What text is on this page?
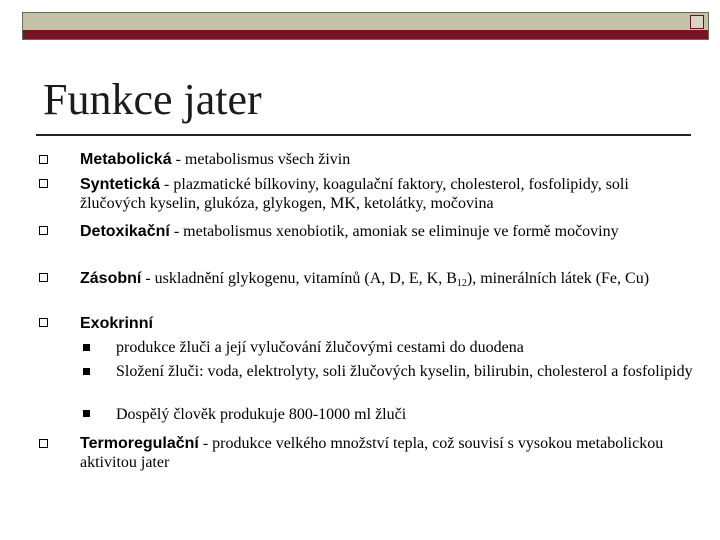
Funkce jater
Metabolická - metabolismus všech živin
Syntetická - plazmatické bílkoviny, koagulační faktory, cholesterol, fosfolipidy, soli žlučových kyselin, glukóza, glykogen, MK, ketolátky, močovina
Detoxikační - metabolismus xenobiotik, amoniak se eliminuje ve formě močoviny
Zásobní - uskladnění glykogenu, vitamínů (A, D, E, K, $B_{12}$), minerálních látek (Fe, Cu)
Exokrinní
produkce žluči a její vylučování žlučovými cestami do duodena
Složení žluči: voda, elektrolyty, soli žlučových kyselin, bilirubin, cholesterol a fosfolipidy
Dospělý člověk produkuje 800-1000 ml žluči
Termoregulační - produkce velkého množství tepla, což souvisí s vysokou metabolickou aktivitou jater
